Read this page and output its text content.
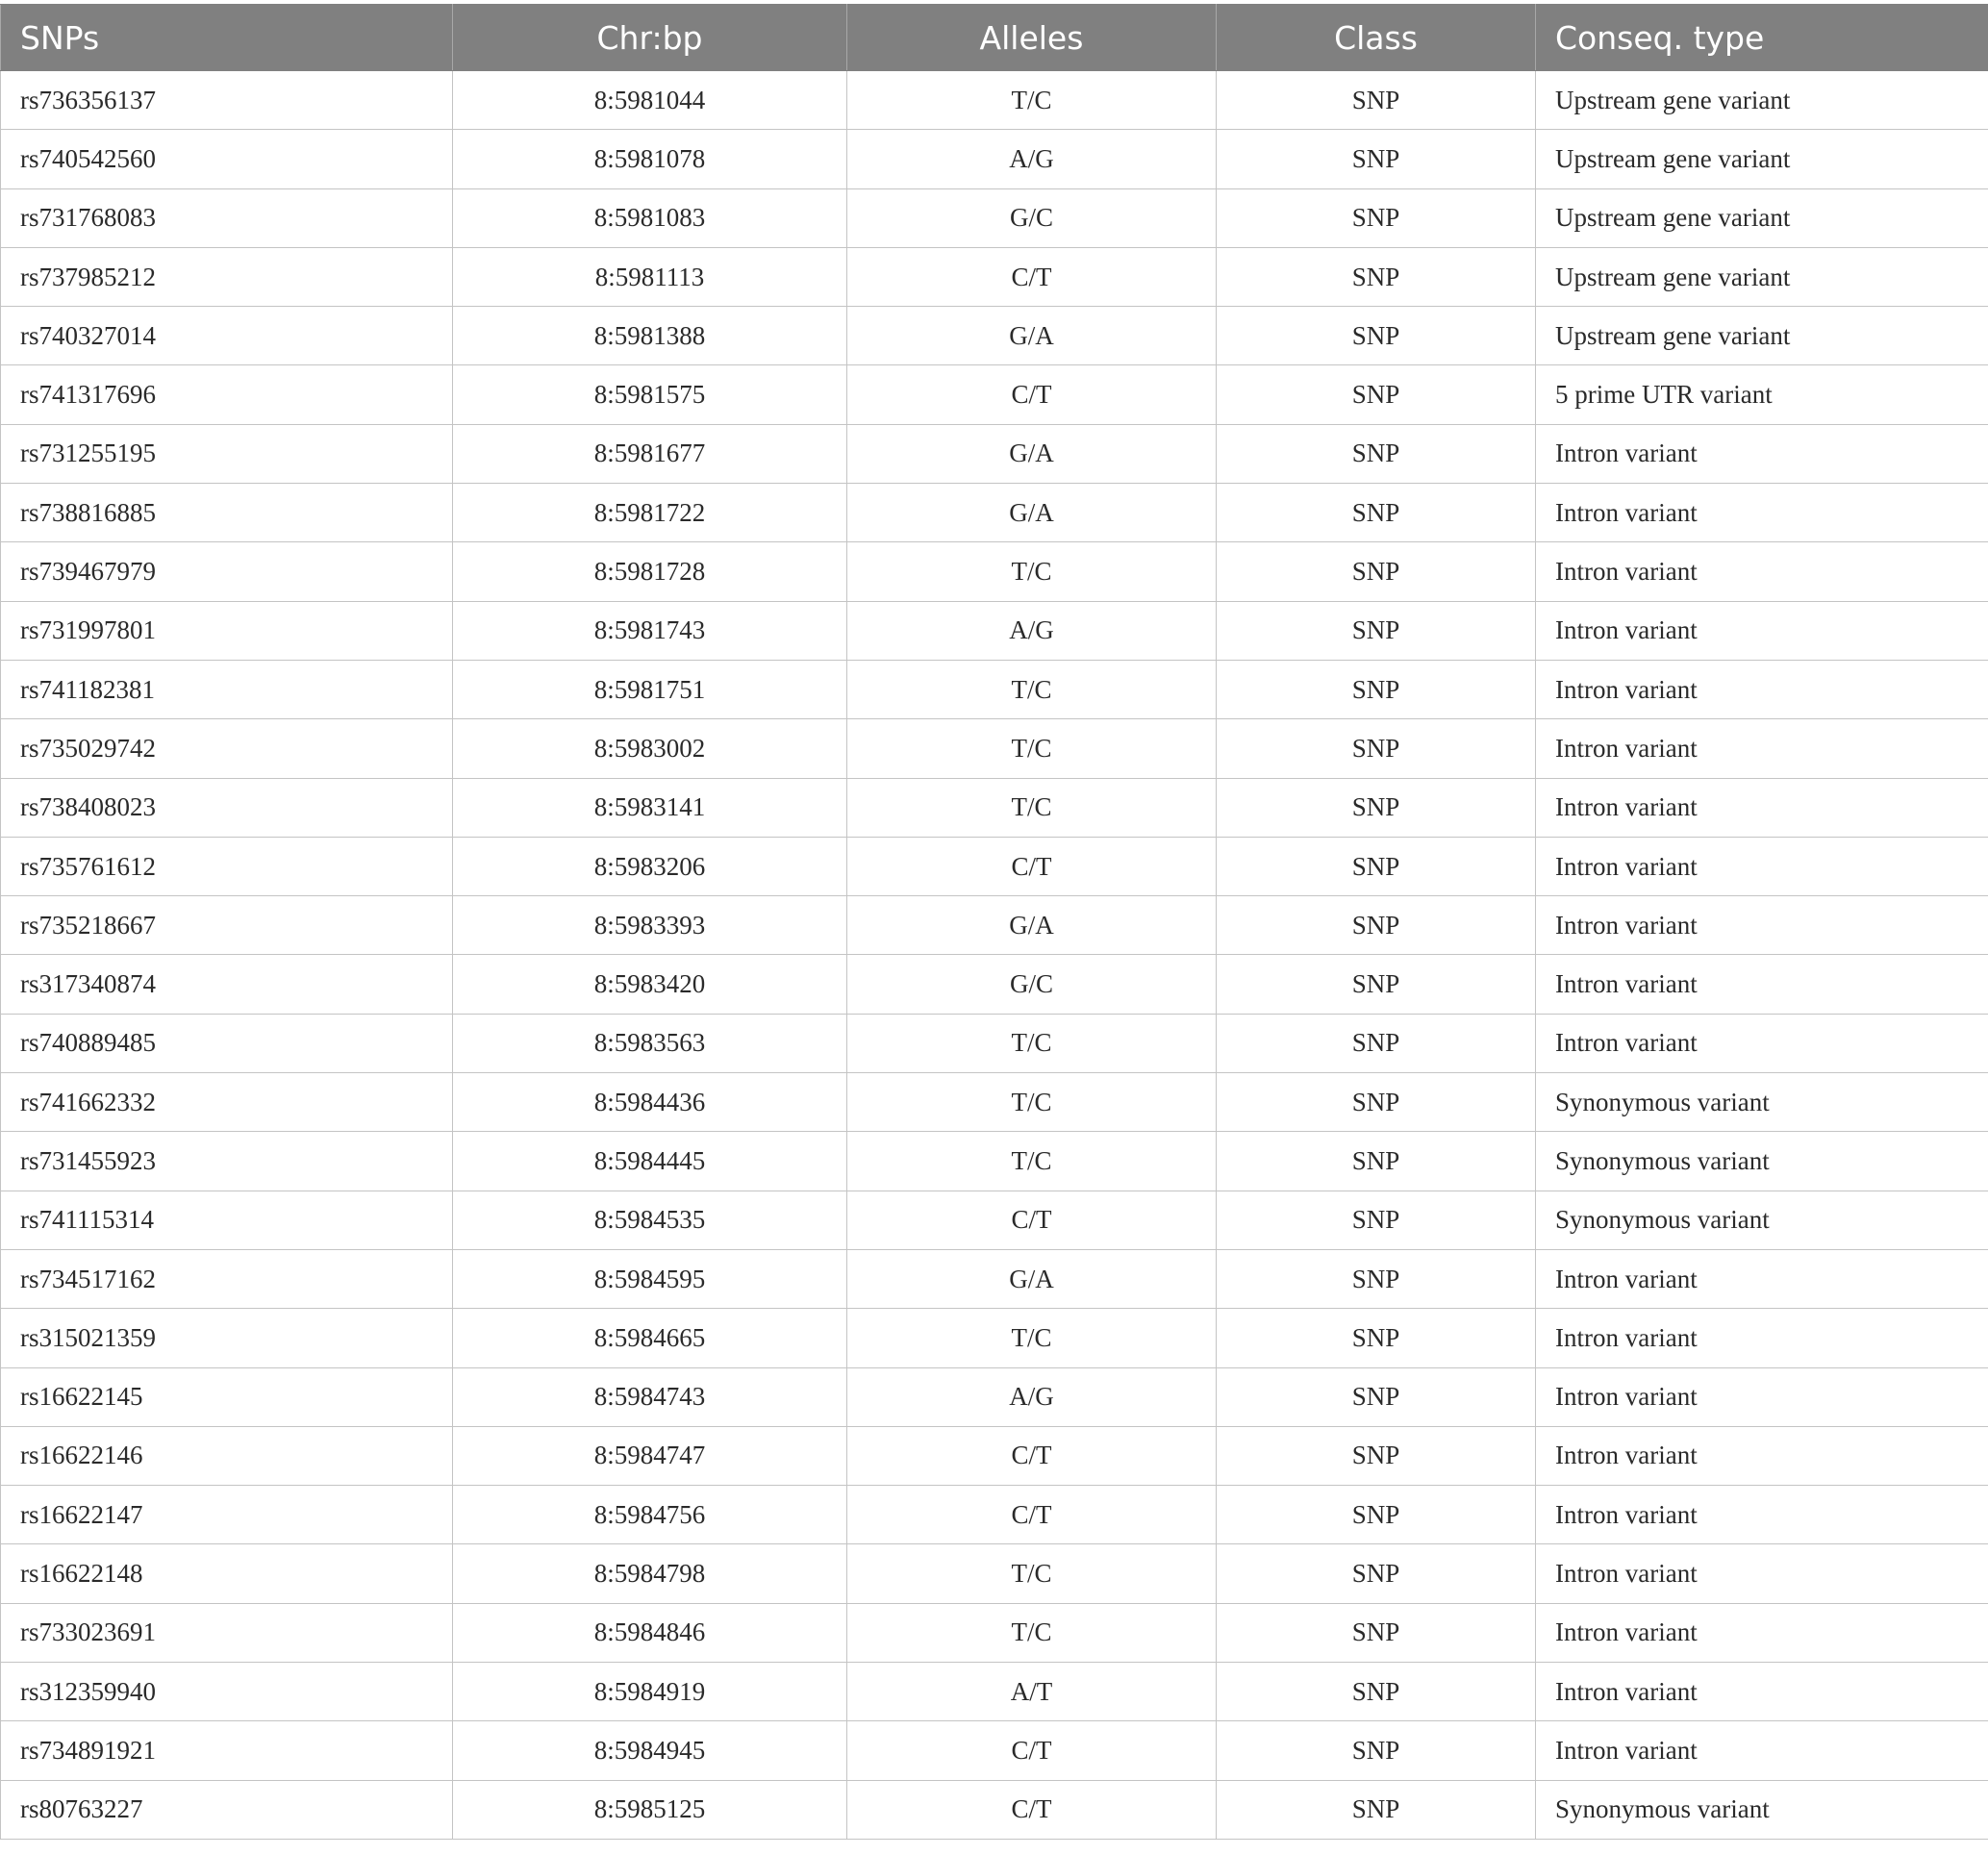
SNPs	Chr:bp	Alleles	Class	Conseq. type
rs736356137	8:5981044	T/C	SNP	Upstream gene variant
rs740542560	8:5981078	A/G	SNP	Upstream gene variant
rs731768083	8:5981083	G/C	SNP	Upstream gene variant
rs737985212	8:5981113	C/T	SNP	Upstream gene variant
rs740327014	8:5981388	G/A	SNP	Upstream gene variant
rs741317696	8:5981575	C/T	SNP	5 prime UTR variant
rs731255195	8:5981677	G/A	SNP	Intron variant
rs738816885	8:5981722	G/A	SNP	Intron variant
rs739467979	8:5981728	T/C	SNP	Intron variant
rs731997801	8:5981743	A/G	SNP	Intron variant
rs741182381	8:5981751	T/C	SNP	Intron variant
rs735029742	8:5983002	T/C	SNP	Intron variant
rs738408023	8:5983141	T/C	SNP	Intron variant
rs735761612	8:5983206	C/T	SNP	Intron variant
rs735218667	8:5983393	G/A	SNP	Intron variant
rs317340874	8:5983420	G/C	SNP	Intron variant
rs740889485	8:5983563	T/C	SNP	Intron variant
rs741662332	8:5984436	T/C	SNP	Synonymous variant
rs731455923	8:5984445	T/C	SNP	Synonymous variant
rs741115314	8:5984535	C/T	SNP	Synonymous variant
rs734517162	8:5984595	G/A	SNP	Intron variant
rs315021359	8:5984665	T/C	SNP	Intron variant
rs16622145	8:5984743	A/G	SNP	Intron variant
rs16622146	8:5984747	C/T	SNP	Intron variant
rs16622147	8:5984756	C/T	SNP	Intron variant
rs16622148	8:5984798	T/C	SNP	Intron variant
rs733023691	8:5984846	T/C	SNP	Intron variant
rs312359940	8:5984919	A/T	SNP	Intron variant
rs734891921	8:5984945	C/T	SNP	Intron variant
rs80763227	8:5985125	C/T	SNP	Synonymous variant
